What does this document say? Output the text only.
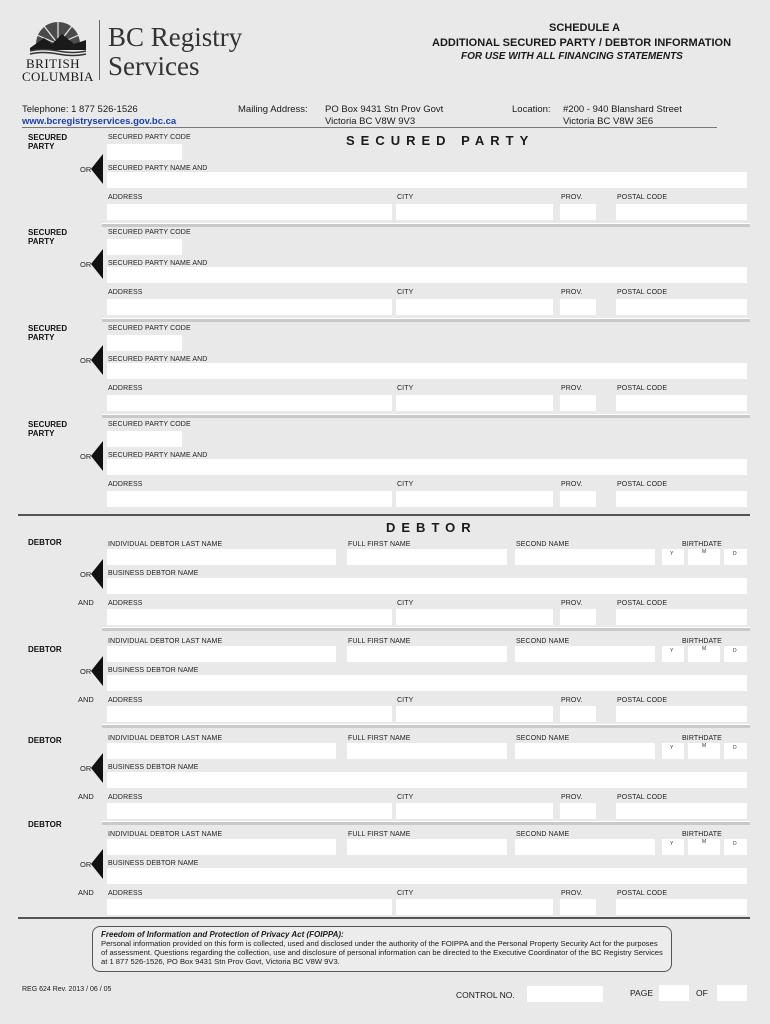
BRITISH
COLUMBIA
BC Registry
Services
SCHEDULE A
ADDITIONAL SECURED PARTY / DEBTOR INFORMATION
FOR USE WITH ALL FINANCING STATEMENTS
Telephone: 1 877 526-1526
www.bcregistryservices.gov.bc.ca
Mailing Address: PO Box 9431 Stn Prov Govt
Victoria BC V8W 9V3
Location: #200 - 940 Blanshard Street
Victoria BC V8W 3E6
SECURED PARTY
SECURED PARTY
SECURED PARTY CODE
OR SECURED PARTY NAME AND
ADDRESS	CITY	PROV.	POSTAL CODE
SECURED PARTY
SECURED PARTY CODE
OR SECURED PARTY NAME AND
ADDRESS	CITY	PROV.	POSTAL CODE
SECURED PARTY
SECURED PARTY CODE
OR SECURED PARTY NAME AND
ADDRESS	CITY	PROV.	POSTAL CODE
SECURED PARTY
SECURED PARTY CODE
OR SECURED PARTY NAME AND
ADDRESS	CITY	PROV.	POSTAL CODE
DEBTOR
DEBTOR	INDIVIDUAL DEBTOR LAST NAME	FULL FIRST NAME	SECOND NAME	BIRTHDATE
Y	M	D
OR BUSINESS DEBTOR NAME
AND ADDRESS	CITY	PROV.	POSTAL CODE
DEBTOR
INDIVIDUAL DEBTOR LAST NAME	FULL FIRST NAME	SECOND NAME	BIRTHDATE
Y	M	D
OR BUSINESS DEBTOR NAME
AND ADDRESS	CITY	PROV.	POSTAL CODE
DEBTOR	INDIVIDUAL DEBTOR LAST NAME	FULL FIRST NAME	SECOND NAME	BIRTHDATE
Y	M	D
OR BUSINESS DEBTOR NAME
AND ADDRESS	CITY	PROV.	POSTAL CODE
DEBTOR
INDIVIDUAL DEBTOR LAST NAME	FULL FIRST NAME	SECOND NAME	BIRTHDATE
Y	M	D
OR BUSINESS DEBTOR NAME
AND ADDRESS	CITY	PROV.	POSTAL CODE
Freedom of Information and Protection of Privacy Act (FOIPPA):
Personal information provided on this form is collected, used and disclosed under the authority of the FOIPPA and the Personal Property Security Act for the purposes of assessment. Questions regarding the collection, use and disclosure of personal information can be directed to the Executive Coordinator of the BC Registry Services at 1 877 526-1526, PO Box 9431 Stn Prov Govt, Victoria BC V8W 9V3.
REG 624 Rev. 2013 / 06 / 05
CONTROL NO.	PAGE	OF
